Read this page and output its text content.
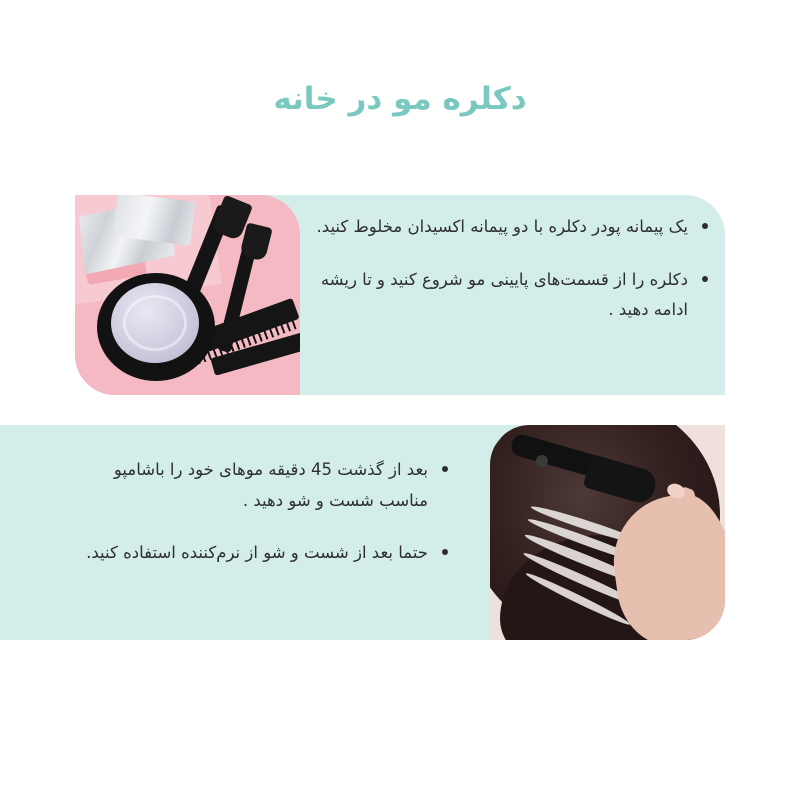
دکلره مو در خانه
یک پیمانه پودر دکلره با دو پیمانه اکسیدان مخلوط کنید.
دکلره را از قسمت‌های پایینی مو شروع کنید و تا ریشه ادامه دهید .
بعد از گذشت 45 دقیقه موهای خود را باشامپو مناسب شست و شو دهید .
حتما بعد از شست و شو از نرم‌کننده استفاده کنید.
